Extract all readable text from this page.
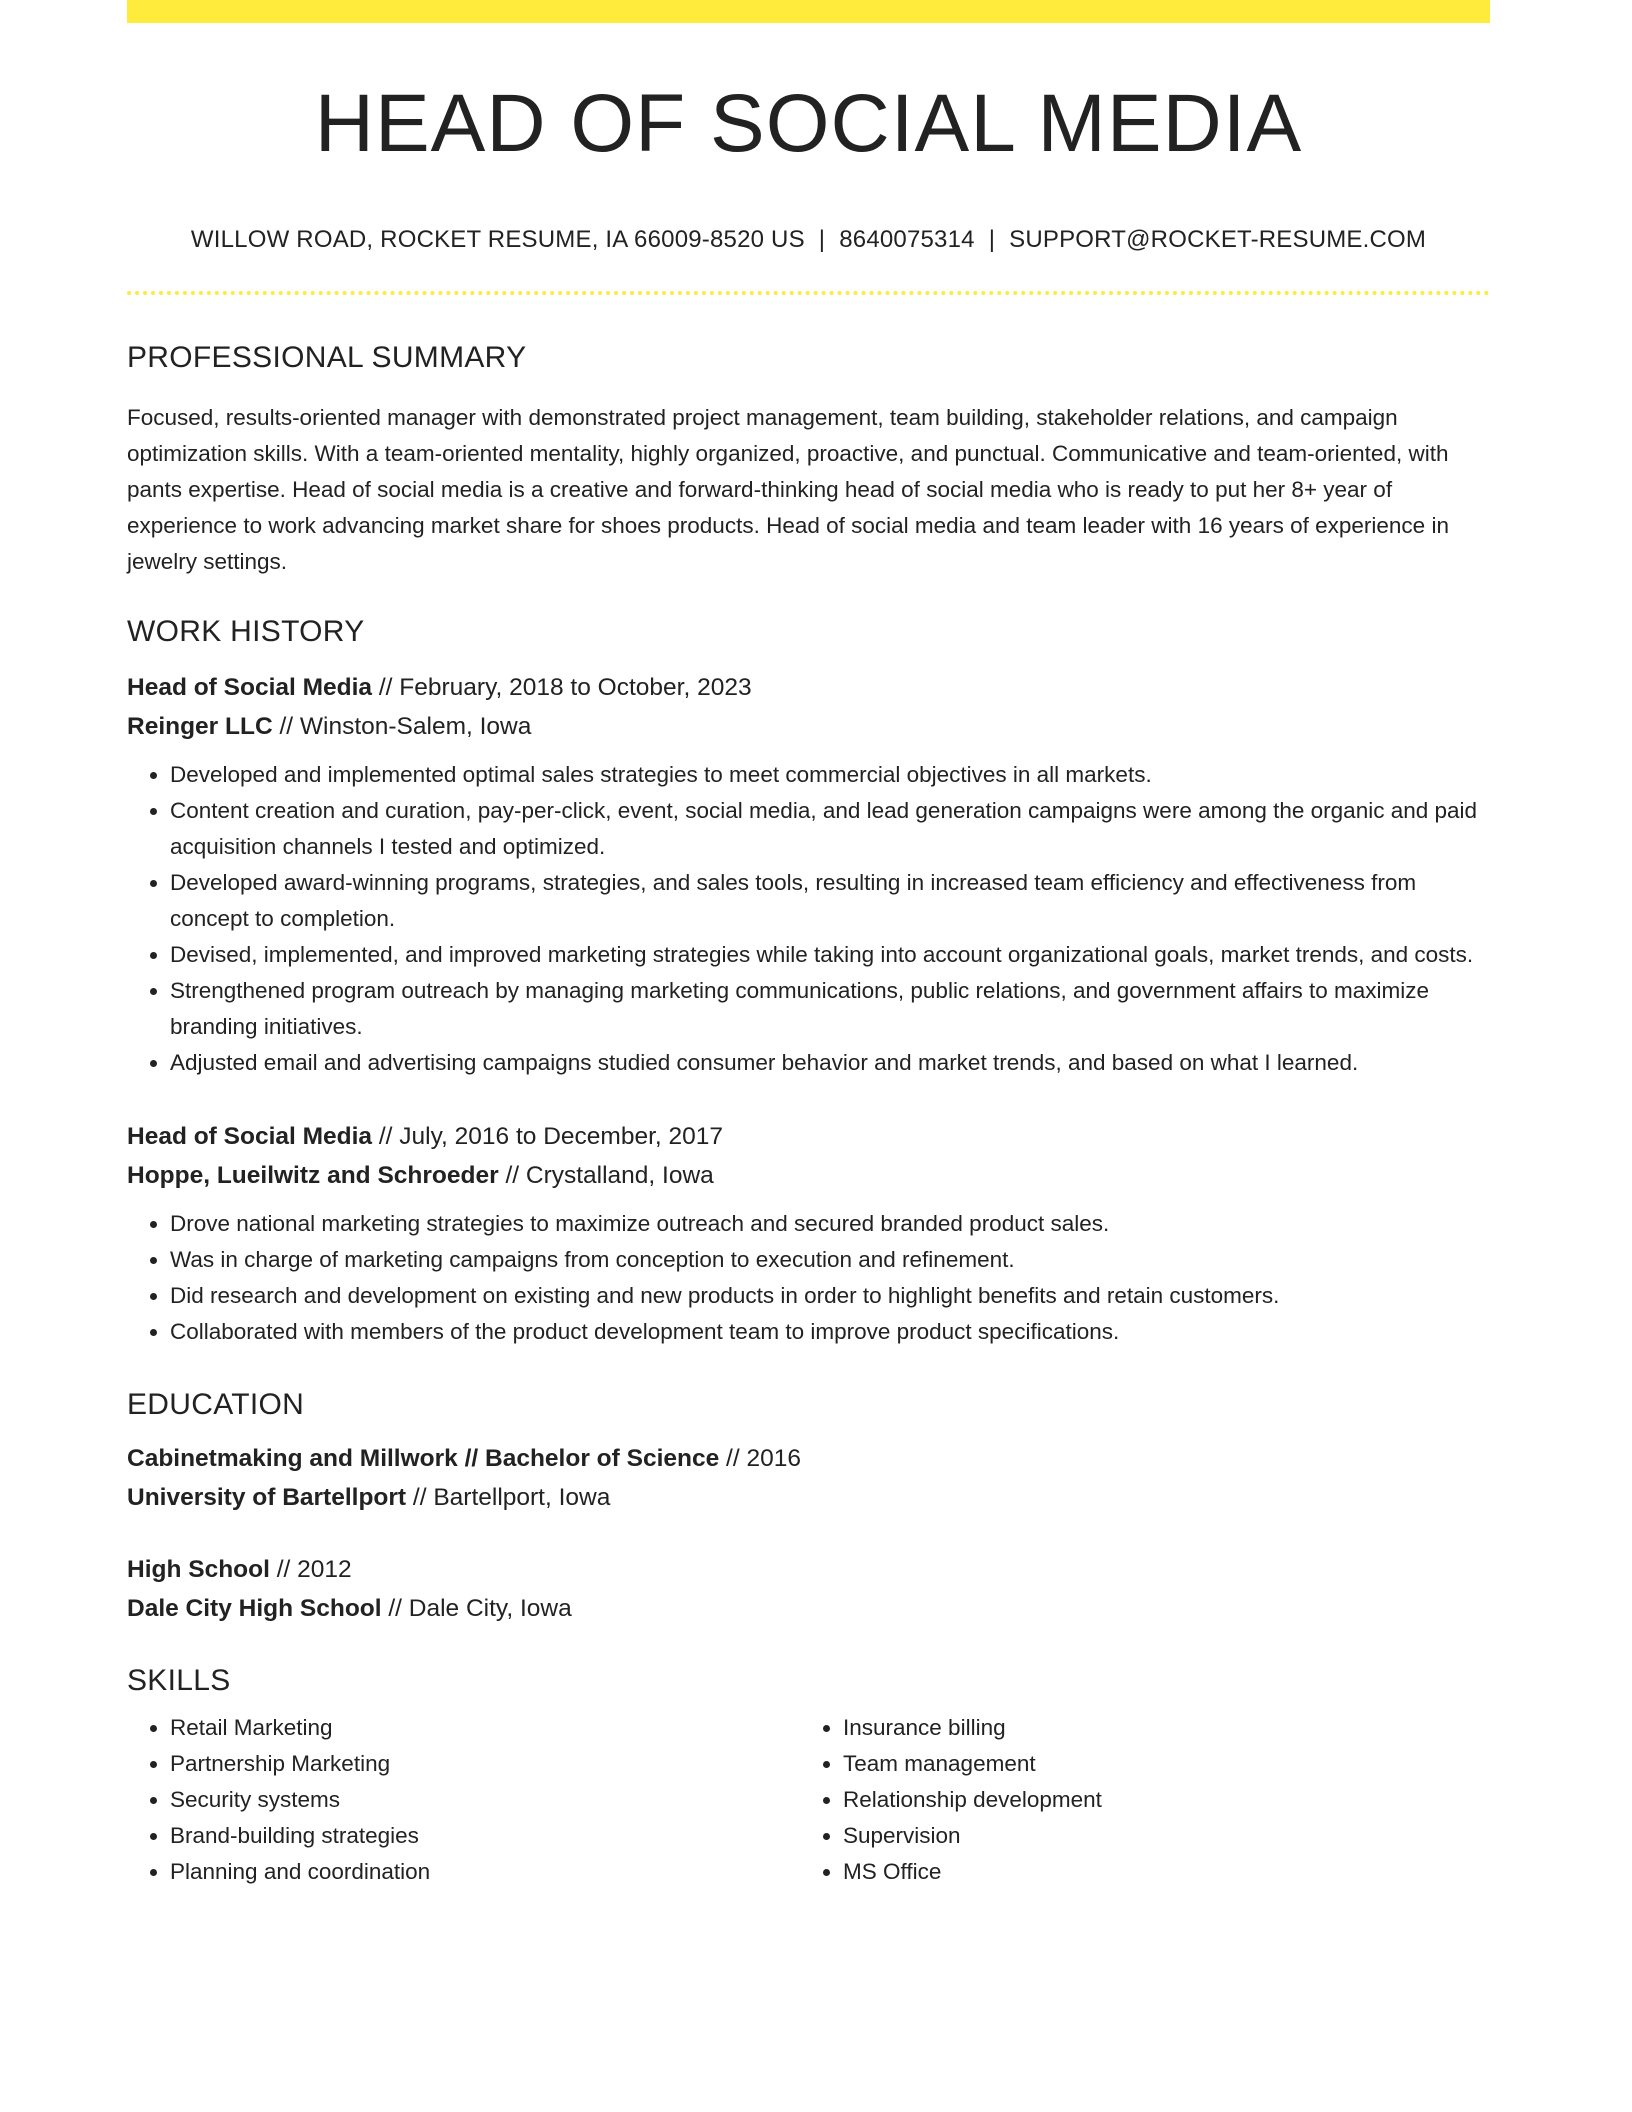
HEAD OF SOCIAL MEDIA
WILLOW ROAD, ROCKET RESUME, IA 66009-8520 US | 8640075314 | SUPPORT@ROCKET-RESUME.COM
PROFESSIONAL SUMMARY
Focused, results-oriented manager with demonstrated project management, team building, stakeholder relations, and campaign optimization skills. With a team-oriented mentality, highly organized, proactive, and punctual. Communicative and team-oriented, with pants expertise. Head of social media is a creative and forward-thinking head of social media who is ready to put her 8+ year of experience to work advancing market share for shoes products. Head of social media and team leader with 16 years of experience in jewelry settings.
WORK HISTORY
Head of Social Media // February, 2018 to October, 2023
Reinger LLC // Winston-Salem, Iowa
• Developed and implemented optimal sales strategies to meet commercial objectives in all markets.
• Content creation and curation, pay-per-click, event, social media, and lead generation campaigns were among the organic and paid acquisition channels I tested and optimized.
• Developed award-winning programs, strategies, and sales tools, resulting in increased team efficiency and effectiveness from concept to completion.
• Devised, implemented, and improved marketing strategies while taking into account organizational goals, market trends, and costs.
• Strengthened program outreach by managing marketing communications, public relations, and government affairs to maximize branding initiatives.
• Adjusted email and advertising campaigns studied consumer behavior and market trends, and based on what I learned.
Head of Social Media // July, 2016 to December, 2017
Hoppe, Lueilwitz and Schroeder // Crystalland, Iowa
• Drove national marketing strategies to maximize outreach and secured branded product sales.
• Was in charge of marketing campaigns from conception to execution and refinement.
• Did research and development on existing and new products in order to highlight benefits and retain customers.
• Collaborated with members of the product development team to improve product specifications.
EDUCATION
Cabinetmaking and Millwork // Bachelor of Science // 2016
University of Bartellport // Bartellport, Iowa
High School // 2012
Dale City High School // Dale City, Iowa
SKILLS
• Retail Marketing
• Partnership Marketing
• Security systems
• Brand-building strategies
• Planning and coordination
• Insurance billing
• Team management
• Relationship development
• Supervision
• MS Office
